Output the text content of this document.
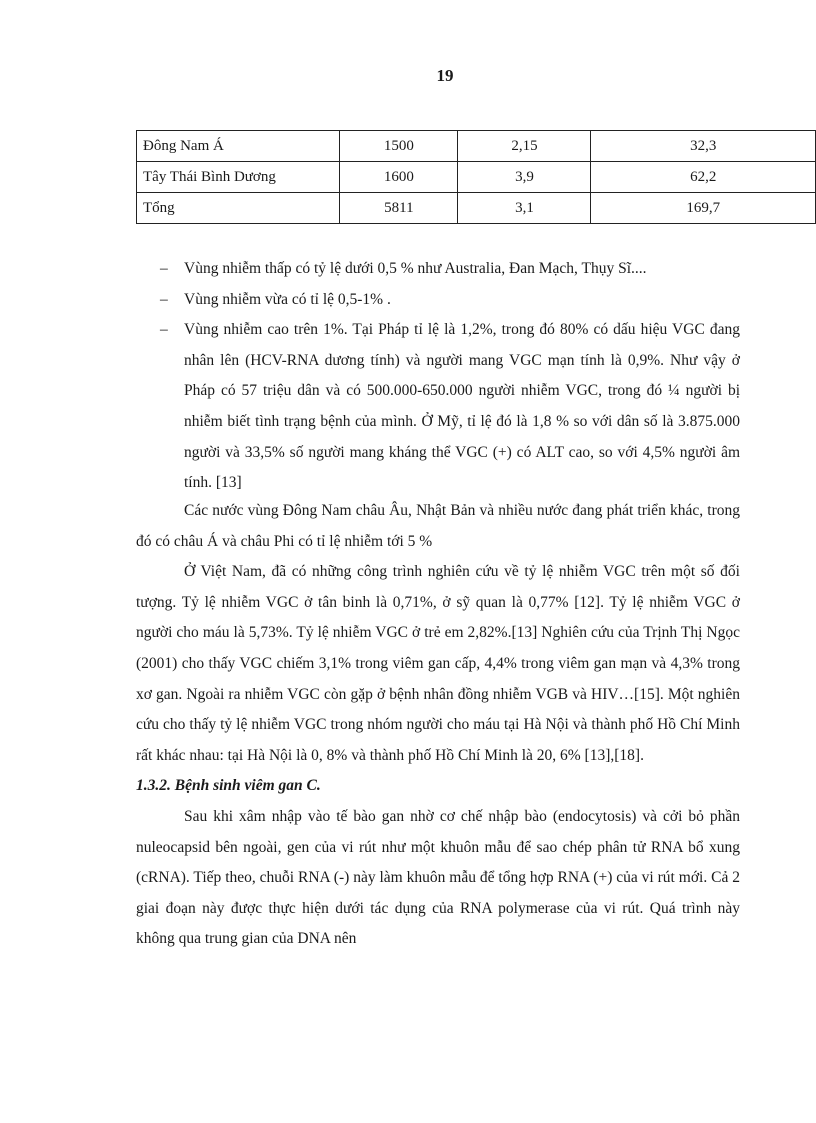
19
Đông Nam Á	1500	2,15	32,3
Tây Thái Bình Dương	1600	3,9	62,2
Tổng	5811	3,1	169,7
– Vùng nhiễm thấp có tỷ lệ dưới 0,5 % như Australia, Đan Mạch, Thụy Sĩ....
– Vùng nhiễm vừa có tỉ lệ 0,5-1% .
– Vùng nhiễm cao trên 1%. Tại Pháp tỉ lệ là 1,2%, trong đó 80% có dấu hiệu VGC đang nhân lên (HCV-RNA dương tính) và người mang VGC mạn tính là 0,9%. Như vậy ở Pháp có 57 triệu dân và có 500.000-650.000 người nhiễm VGC, trong đó ¼ người bị nhiễm biết tình trạng bệnh của mình. Ở Mỹ, tỉ lệ đó là 1,8 % so với dân số là 3.875.000 người và 33,5% số người mang kháng thể VGC (+) có ALT cao, so với 4,5% người âm tính. [13]

Các nước vùng Đông Nam châu Âu, Nhật Bản và nhiều nước đang phát triển khác, trong đó có châu Á và châu Phi có tỉ lệ nhiễm tới 5 %

Ở Việt Nam, đã có những công trình nghiên cứu về tỷ lệ nhiễm VGC trên một số đối tượng. Tỷ lệ nhiễm VGC ở tân binh là 0,71%, ở sỹ quan là 0,77% [12]. Tỷ lệ nhiễm VGC ở người cho máu là 5,73%. Tỷ lệ nhiễm VGC ở trẻ em 2,82%.[13] Nghiên cứu của Trịnh Thị Ngọc (2001) cho thấy VGC chiếm 3,1% trong viêm gan cấp, 4,4% trong viêm gan mạn và 4,3% trong xơ gan. Ngoài ra nhiễm VGC còn gặp ở bệnh nhân đồng nhiễm VGB và HIV…[15]. Một nghiên cứu cho thấy tỷ lệ nhiễm VGC trong nhóm người cho máu tại Hà Nội và thành phố Hồ Chí Minh rất khác nhau: tại Hà Nội là 0, 8% và thành phố Hồ Chí Minh là 20, 6% [13],[18].

1.3.2. Bệnh sinh viêm gan C.

Sau khi xâm nhập vào tế bào gan nhờ cơ chế nhập bào (endocytosis) và cởi bỏ phần nuleocapsid bên ngoài, gen của vi rút như một khuôn mẫu để sao chép phân tử RNA bổ xung (cRNA). Tiếp theo, chuỗi RNA (-) này làm khuôn mẫu để tổng hợp RNA (+) của vi rút mới. Cả 2 giai đoạn này được thực hiện dưới tác dụng của RNA polymerase của vi rút. Quá trình này không qua trung gian của DNA nên
